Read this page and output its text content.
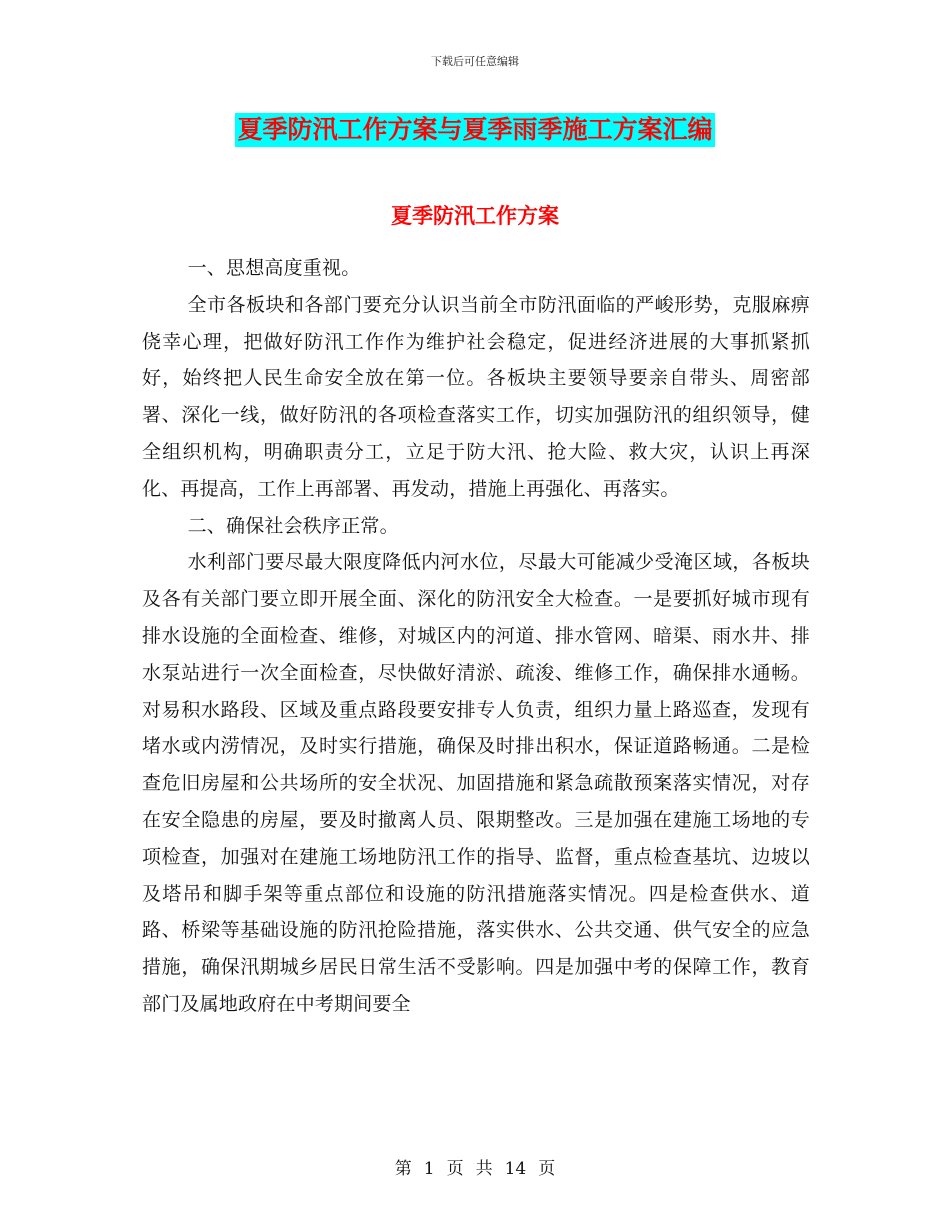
下载后可任意编辑
夏季防汛工作方案与夏季雨季施工方案汇编
夏季防汛工作方案

一、思想高度重视。

全市各板块和各部门要充分认识当前全市防汛面临的严峻形势，克服麻痹侥幸心理，把做好防汛工作作为维护社会稳定，促进经济进展的大事抓紧抓好，始终把人民生命安全放在第一位。各板块主要领导要亲自带头、周密部署、深化一线，做好防汛的各项检查落实工作，切实加强防汛的组织领导，健全组织机构，明确职责分工，立足于防大汛、抢大险、救大灾，认识上再深化、再提高，工作上再部署、再发动，措施上再强化、再落实。

二、确保社会秩序正常。

水利部门要尽最大限度降低内河水位，尽最大可能减少受淹区域，各板块及各有关部门要立即开展全面、深化的防汛安全大检查。一是要抓好城市现有排水设施的全面检查、维修，对城区内的河道、排水管网、暗渠、雨水井、排水泵站进行一次全面检查，尽快做好清淤、疏浚、维修工作，确保排水通畅。对易积水路段、区域及重点路段要安排专人负责，组织力量上路巡查，发现有堵水或内涝情况，及时实行措施，确保及时排出积水，保证道路畅通。二是检查危旧房屋和公共场所的安全状况、加固措施和紧急疏散预案落实情况，对存在安全隐患的房屋，要及时撤离人员、限期整改。三是加强在建施工场地的专项检查，加强对在建施工场地防汛工作的指导、监督，重点检查基坑、边坡以及塔吊和脚手架等重点部位和设施的防汛措施落实情况。四是检查供水、道路、桥梁等基础设施的防汛抢险措施，落实供水、公共交通、供气安全的应急措施，确保汛期城乡居民日常生活不受影响。四是加强中考的保障工作，教育部门及属地政府在中考期间要全

第 1 页 共 14 页
